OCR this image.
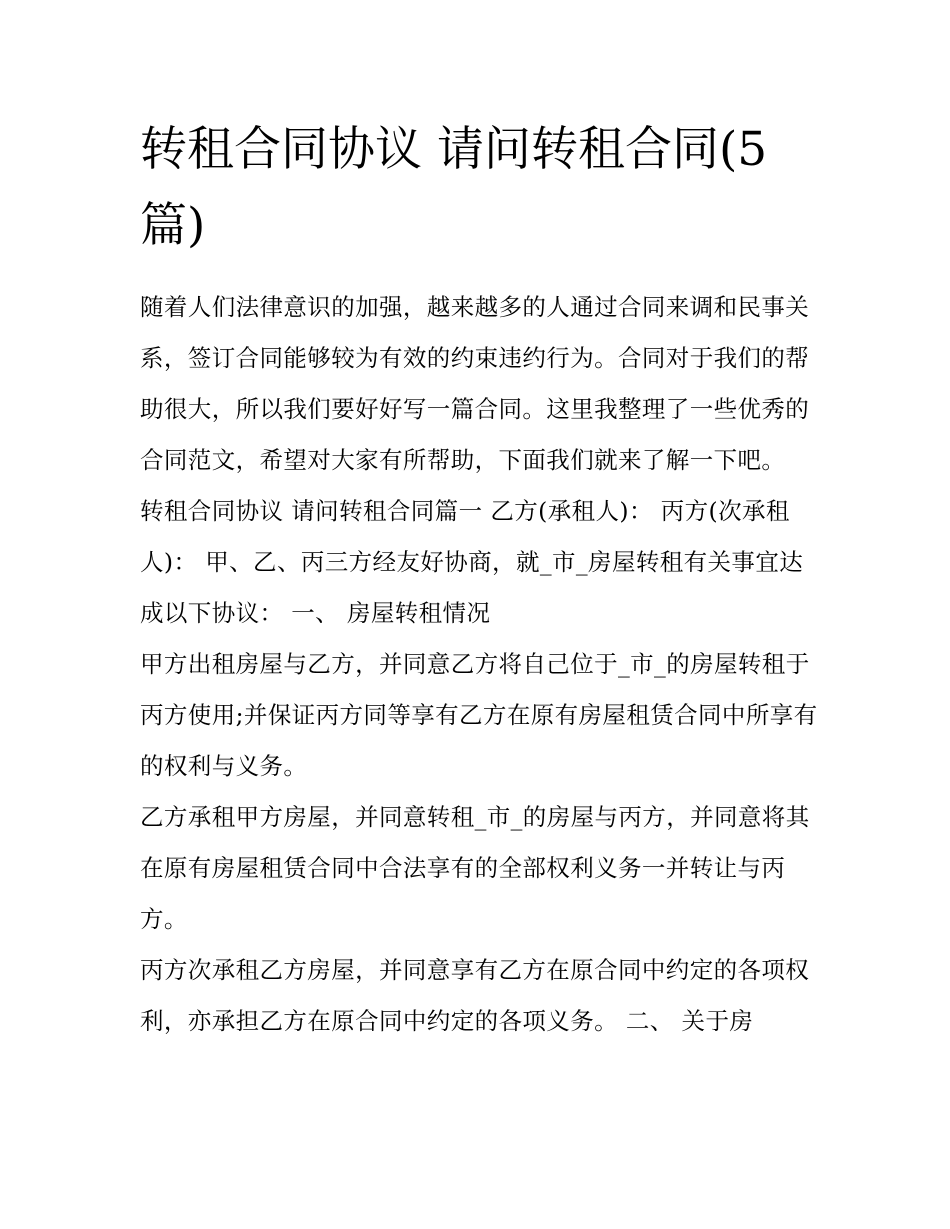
转租合同协议 请问转租合同(5篇)

随着人们法律意识的加强，越来越多的人通过合同来调和民事关系，签订合同能够较为有效的约束违约行为。合同对于我们的帮助很大，所以我们要好好写一篇合同。这里我整理了一些优秀的合同范文，希望对大家有所帮助，下面我们就来了解一下吧。

转租合同协议 请问转租合同篇一 乙方(承租人)： 丙方(次承租人)： 甲、乙、丙三方经友好协商，就_市_房屋转租有关事宜达成以下协议： 一、 房屋转租情况

甲方出租房屋与乙方，并同意乙方将自己位于_市_的房屋转租于丙方使用;并保证丙方同等享有乙方在原有房屋租赁合同中所享有的权利与义务。

乙方承租甲方房屋，并同意转租_市_的房屋与丙方，并同意将其在原有房屋租赁合同中合法享有的全部权利义务一并转让与丙方。

丙方次承租乙方房屋，并同意享有乙方在原合同中约定的各项权利，亦承担乙方在原合同中约定的各项义务。 二、 关于房
